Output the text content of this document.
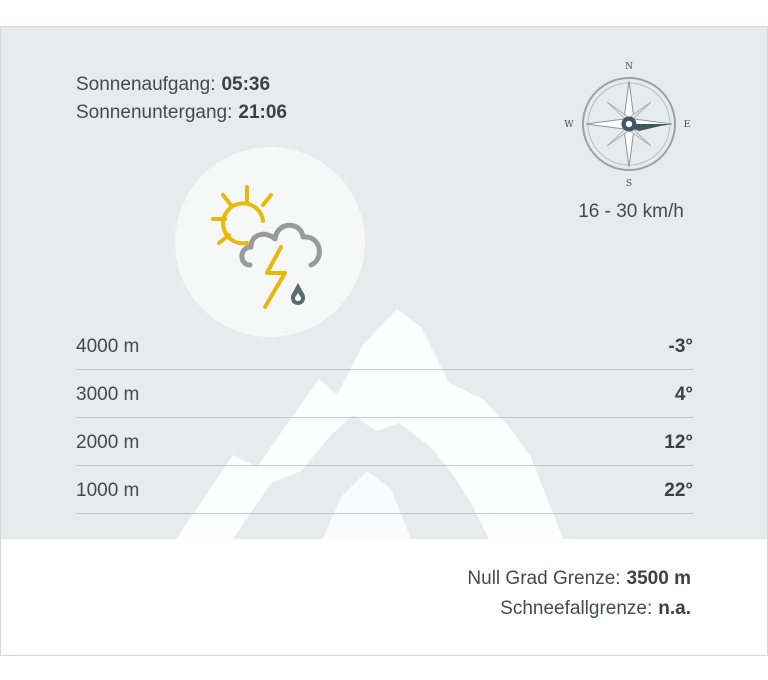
Sonnenaufgang: 05:36
Sonnenuntergang: 21:06
N
S
W	E
16 - 30 km/h
4000 m	-3°
3000 m	4°
2000 m	12°
1000 m	22°
Null Grad Grenze: 3500 m
Schneefallgrenze: n.a.
